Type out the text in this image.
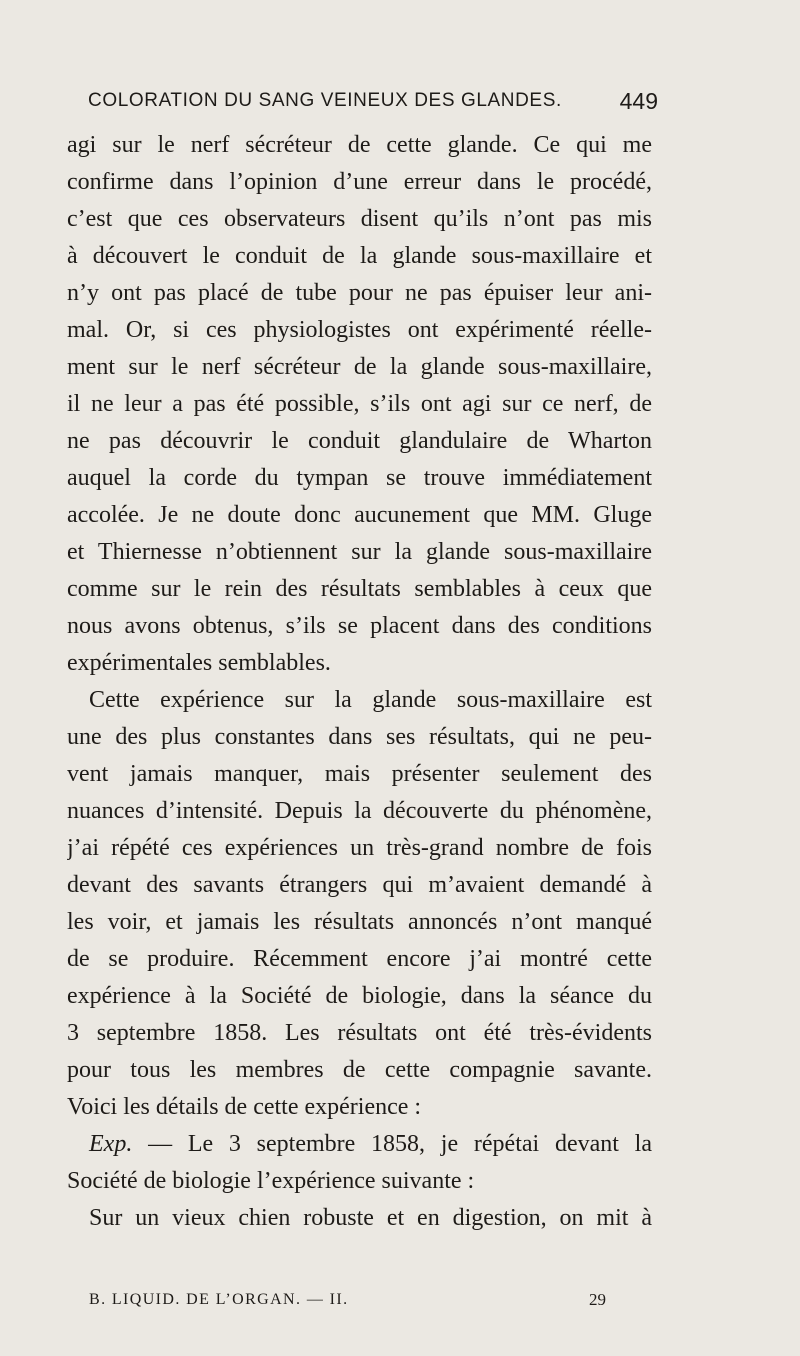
COLORATION DU SANG VEINEUX DES GLANDES.	449
agi sur le nerf sécréteur de cette glande. Ce qui me
confirme dans l’opinion d’une erreur dans le procédé,
c’est que ces observateurs disent qu’ils n’ont pas mis
à découvert le conduit de la glande sous-maxillaire et
n’y ont pas placé de tube pour ne pas épuiser leur ani-
mal. Or, si ces physiologistes ont expérimenté réelle-
ment sur le nerf sécréteur de la glande sous-maxillaire,
il ne leur a pas été possible, s’ils ont agi sur ce nerf, de
ne pas découvrir le conduit glandulaire de Wharton
auquel la corde du tympan se trouve immédiatement
accolée. Je ne doute donc aucunement que MM. Gluge
et Thiernesse n’obtiennent sur la glande sous-maxillaire
comme sur le rein des résultats semblables à ceux que
nous avons obtenus, s’ils se placent dans des conditions
expérimentales semblables.
Cette expérience sur la glande sous-maxillaire est
une des plus constantes dans ses résultats, qui ne peu-
vent jamais manquer, mais présenter seulement des
nuances d’intensité. Depuis la découverte du phénomène,
j’ai répété ces expériences un très-grand nombre de fois
devant des savants étrangers qui m’avaient demandé à
les voir, et jamais les résultats annoncés n’ont manqué
de se produire. Récemment encore j’ai montré cette
expérience à la Société de biologie, dans la séance du
3 septembre 1858. Les résultats ont été très-évidents
pour tous les membres de cette compagnie savante.
Voici les détails de cette expérience :
Exp. — Le 3 septembre 1858, je répétai devant la
Société de biologie l’expérience suivante :
Sur un vieux chien robuste et en digestion, on mit à
B. LIQUID. DE L’ORGAN. — II.	29
